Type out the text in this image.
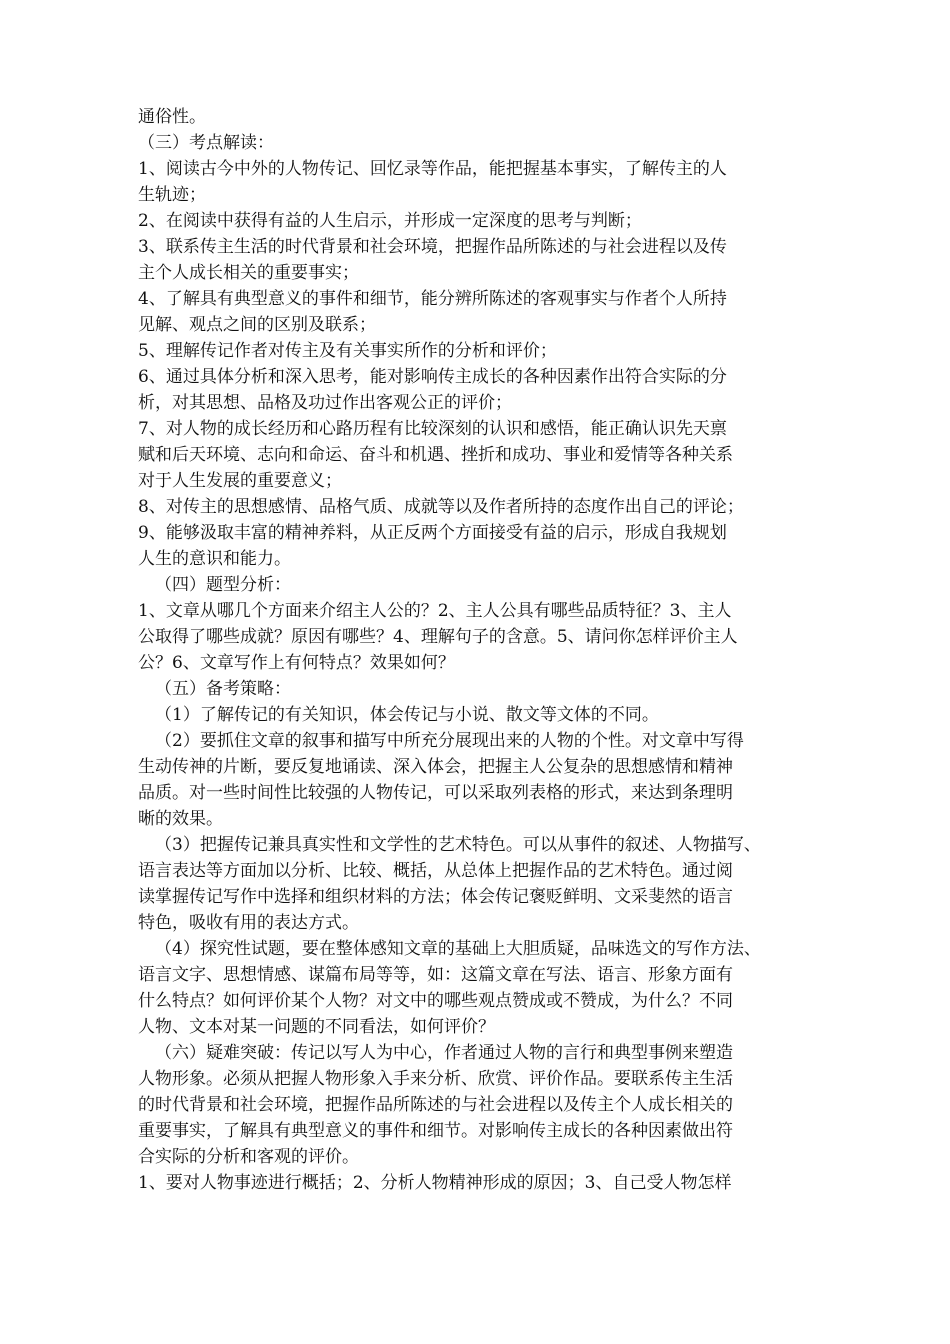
通俗性。
（三）考点解读：
1、阅读古今中外的人物传记、回忆录等作品，能把握基本事实，了解传主的人
生轨迹；
2、在阅读中获得有益的人生启示，并形成一定深度的思考与判断；
3、联系传主生活的时代背景和社会环境，把握作品所陈述的与社会进程以及传
主个人成长相关的重要事实；
4、了解具有典型意义的事件和细节，能分辨所陈述的客观事实与作者个人所持
见解、观点之间的区别及联系；
5、理解传记作者对传主及有关事实所作的分析和评价；
6、通过具体分析和深入思考，能对影响传主成长的各种因素作出符合实际的分
析，对其思想、品格及功过作出客观公正的评价；
7、对人物的成长经历和心路历程有比较深刻的认识和感悟，能正确认识先天禀
赋和后天环境、志向和命运、奋斗和机遇、挫折和成功、事业和爱情等各种关系
对于人生发展的重要意义；
8、对传主的思想感情、品格气质、成就等以及作者所持的态度作出自己的评论；
9、能够汲取丰富的精神养料，从正反两个方面接受有益的启示，形成自我规划
人生的意识和能力。
（四）题型分析：
1、文章从哪几个方面来介绍主人公的？2、主人公具有哪些品质特征？3、主人
公取得了哪些成就？原因有哪些？4、理解句子的含意。5、请问你怎样评价主人
公？6、文章写作上有何特点？效果如何？
（五）备考策略：
（1）了解传记的有关知识，体会传记与小说、散文等文体的不同。
（2）要抓住文章的叙事和描写中所充分展现出来的人物的个性。对文章中写得
生动传神的片断，要反复地诵读、深入体会，把握主人公复杂的思想感情和精神
品质。对一些时间性比较强的人物传记，可以采取列表格的形式，来达到条理明
晰的效果。
（3）把握传记兼具真实性和文学性的艺术特色。可以从事件的叙述、人物描写、
语言表达等方面加以分析、比较、概括，从总体上把握作品的艺术特色。通过阅
读掌握传记写作中选择和组织材料的方法；体会传记褒贬鲜明、文采斐然的语言
特色，吸收有用的表达方式。
（4）探究性试题，要在整体感知文章的基础上大胆质疑，品味选文的写作方法、
语言文字、思想情感、谋篇布局等等，如：这篇文章在写法、语言、形象方面有
什么特点？如何评价某个人物？对文中的哪些观点赞成或不赞成，为什么？不同
人物、文本对某一问题的不同看法，如何评价？
（六）疑难突破：传记以写人为中心，作者通过人物的言行和典型事例来塑造
人物形象。必须从把握人物形象入手来分析、欣赏、评价作品。要联系传主生活
的时代背景和社会环境，把握作品所陈述的与社会进程以及传主个人成长相关的
重要事实，了解具有典型意义的事件和细节。对影响传主成长的各种因素做出符
合实际的分析和客观的评价。
1、要对人物事迹进行概括；2、分析人物精神形成的原因；3、自己受人物怎样
